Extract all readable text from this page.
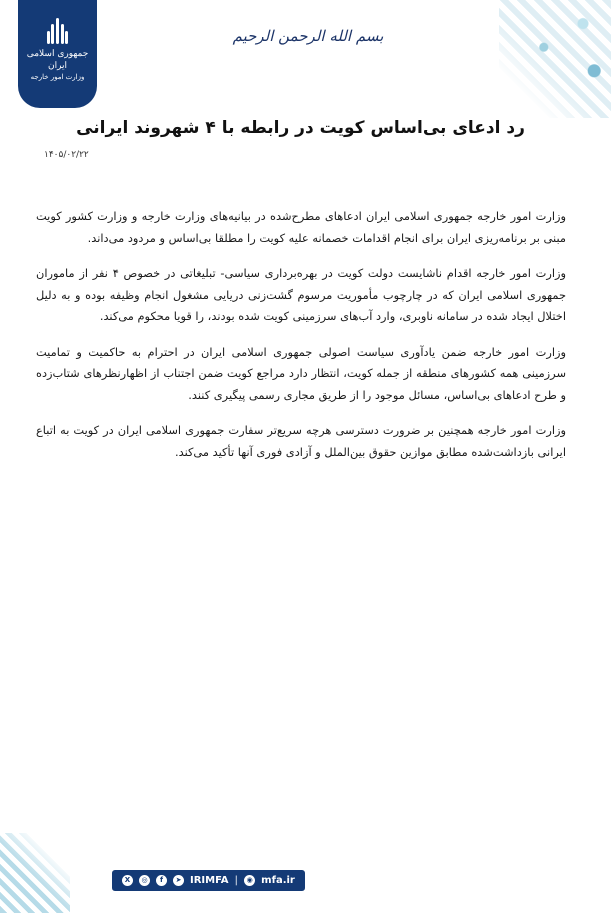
جمهوری اسلامی ایران
وزارت امور خارجه
بسم الله الرحمن الرحیم
رد ادعای بی‌اساس کویت در رابطه با ۴ شهروند ایرانی
۱۴۰۵/۰۲/۲۲

وزارت امور خارجه جمهوری اسلامی ایران ادعاهای مطرح‌شده در بیانیه‌های وزارت خارجه و وزارت کشور کویت مبنی بر برنامه‌ریزی ایران برای انجام اقدامات خصمانه علیه کویت را مطلقا بی‌اساس و مردود می‌داند.

وزارت امور خارجه اقدام ناشایست دولت کویت در بهره‌برداری سیاسی- تبلیغاتی در خصوص ۴ نفر از ماموران جمهوری اسلامی ایران که در چارچوب مأموریت مرسوم گشت‌زنی دریایی مشغول انجام وظیفه بوده و به دلیل اختلال ایجاد شده در سامانه ناوبری، وارد آب‌های سرزمینی کویت شده بودند، را قویا محکوم می‌کند.

وزارت امور خارجه ضمن یادآوری سیاست اصولی جمهوری اسلامی ایران در احترام به حاکمیت و تمامیت سرزمینی همه کشورهای منطقه از جمله کویت، انتظار دارد مراجع کویت ضمن اجتناب از اظهارنظرهای شتاب‌زده و طرح ادعاهای بی‌اساس، مسائل موجود را از طریق مجاری رسمی پیگیری کنند.

وزارت امور خارجه همچنین بر ضرورت دسترسی هرچه سریع‌تر سفارت جمهوری اسلامی ایران در کویت به اتباع ایرانی بازداشت‌شده مطابق موازین حقوق بین‌الملل و آزادی فوری آنها تأکید می‌کند.

X	◎	f	➤ IRIMFA |	◉ mfa.ir
